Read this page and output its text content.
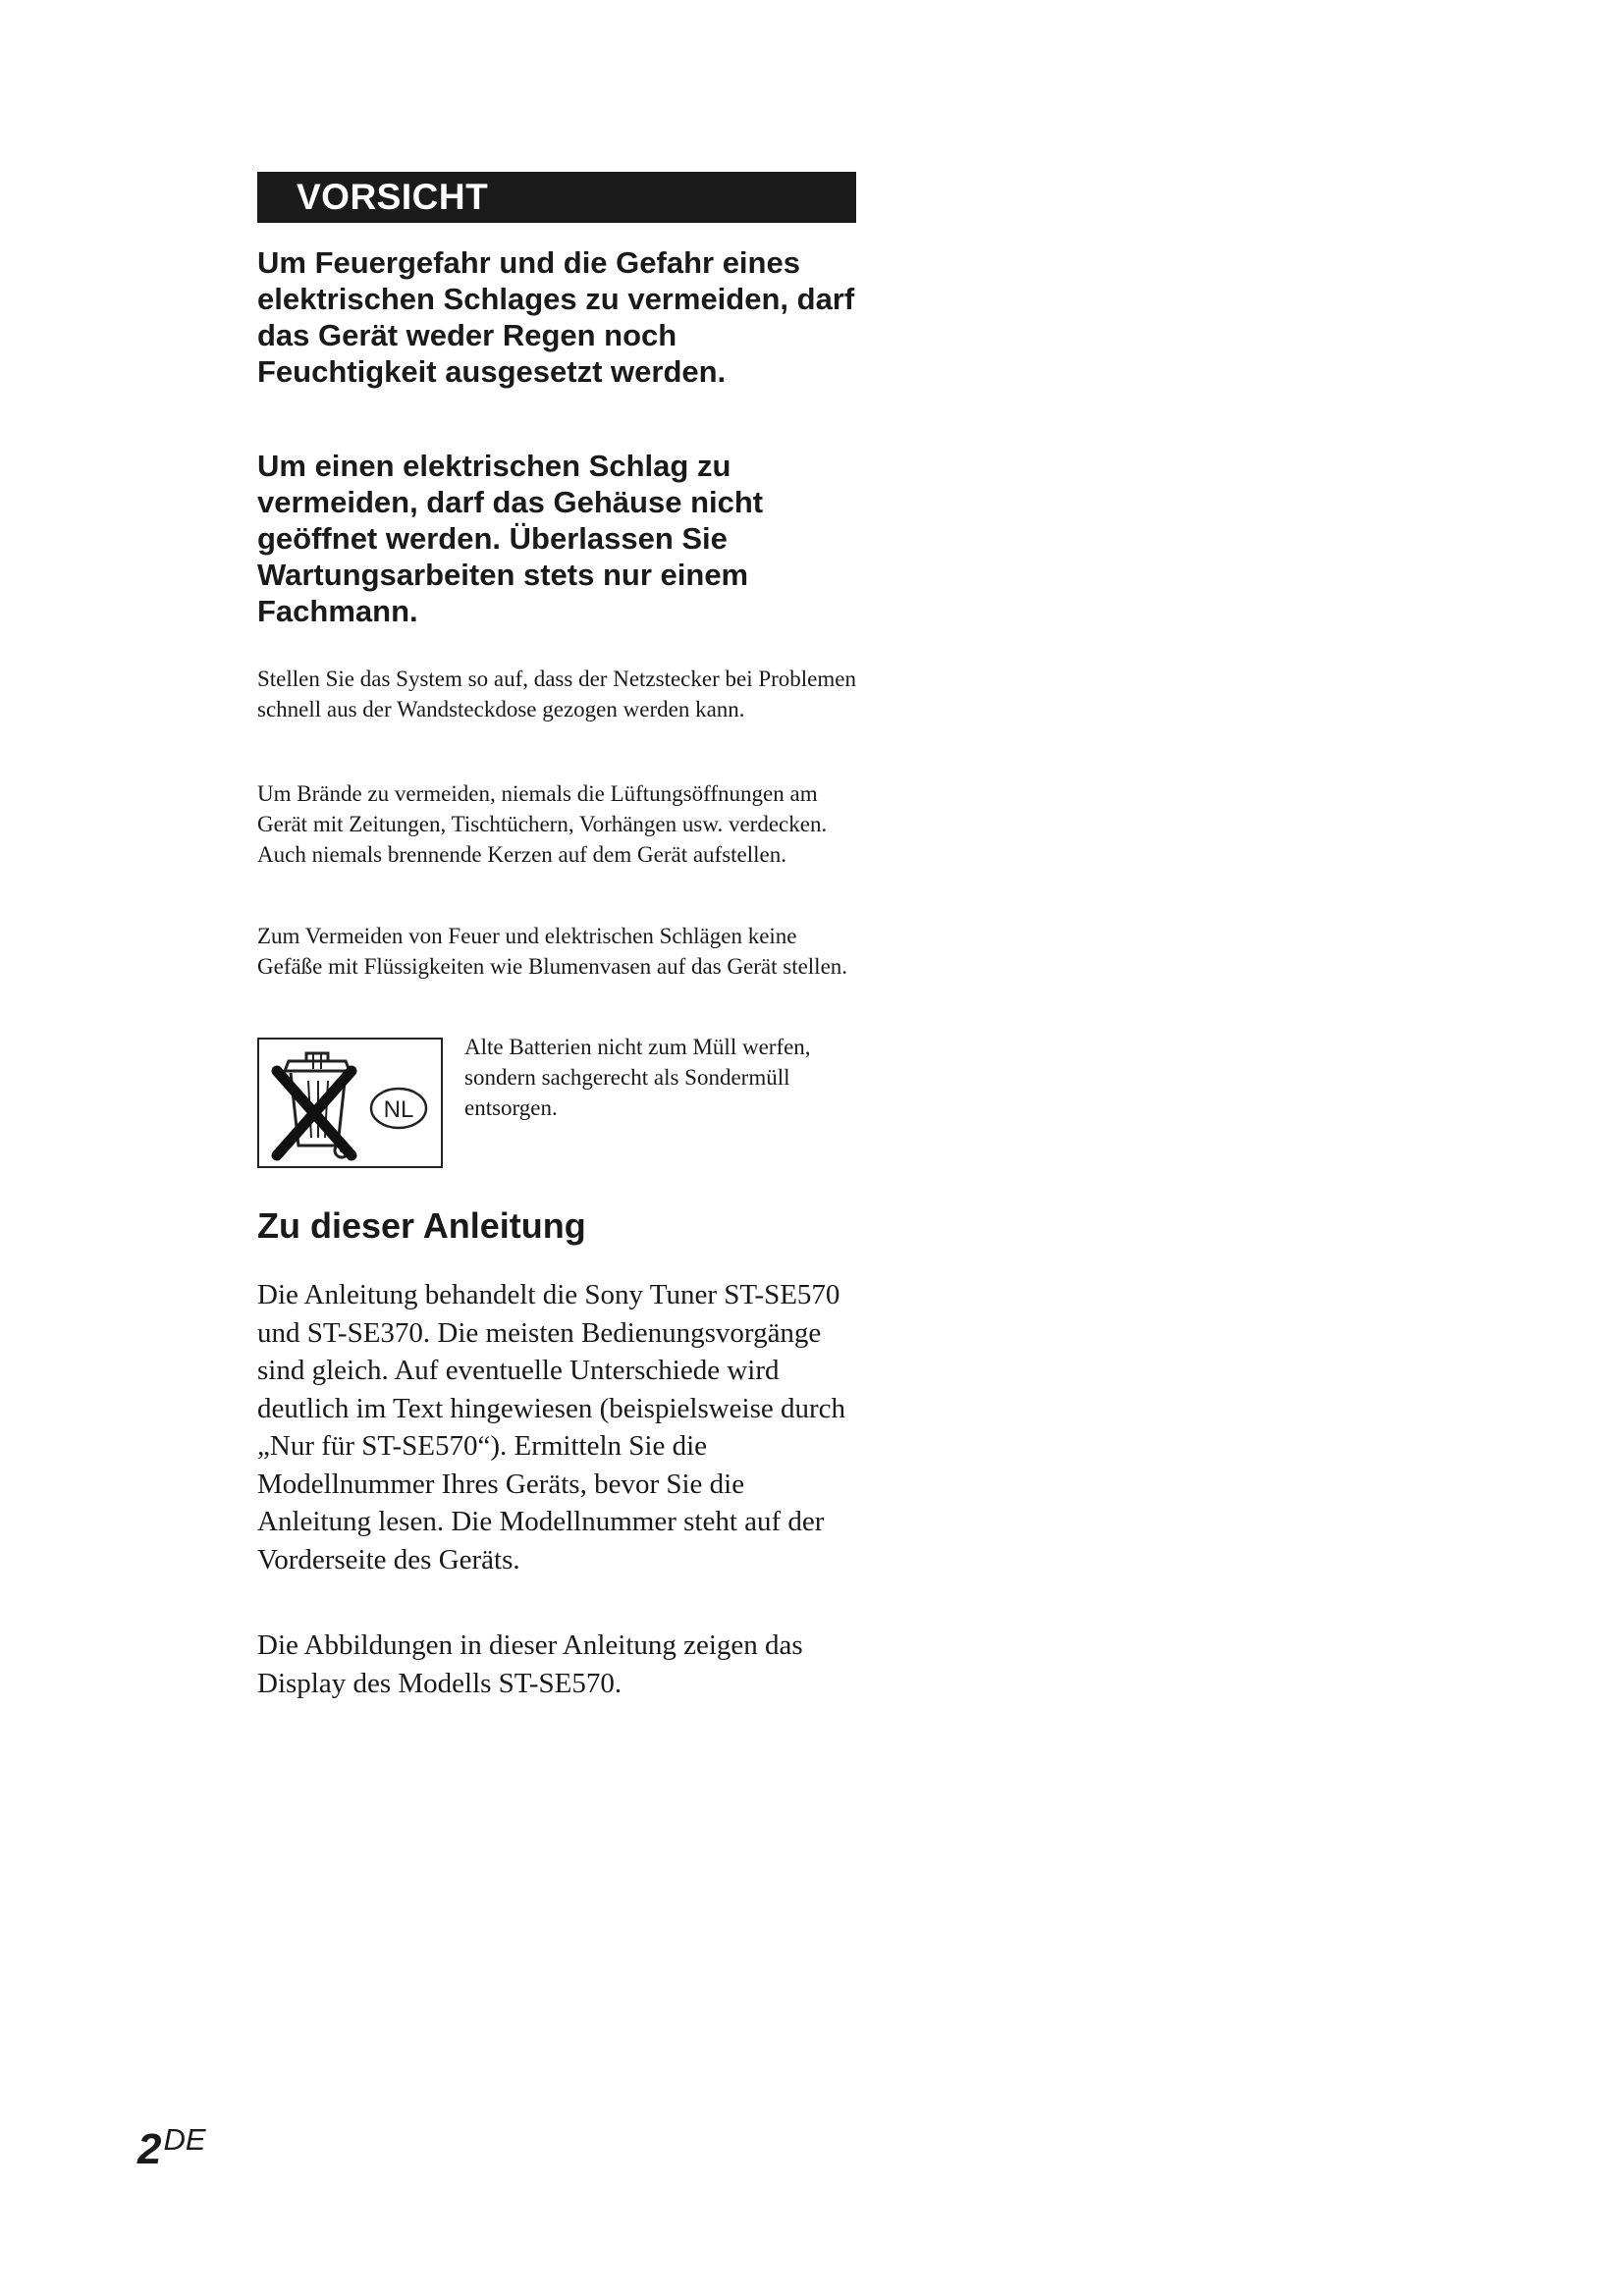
VORSICHT

Um Feuergefahr und die Gefahr eines elektrischen Schlages zu vermeiden, darf das Gerät weder Regen noch Feuchtigkeit ausgesetzt werden.

Um einen elektrischen Schlag zu vermeiden, darf das Gehäuse nicht geöffnet werden. Überlassen Sie Wartungsarbeiten stets nur einem Fachmann.

Stellen Sie das System so auf, dass der Netzstecker bei Problemen schnell aus der Wandsteckdose gezogen werden kann.

Um Brände zu vermeiden, niemals die Lüftungsöffnungen am Gerät mit Zeitungen, Tischtüchern, Vorhängen usw. verdecken. Auch niemals brennende Kerzen auf dem Gerät aufstellen.

Zum Vermeiden von Feuer und elektrischen Schlägen keine Gefäße mit Flüssigkeiten wie Blumenvasen auf das Gerät stellen.

NL

Alte Batterien nicht zum Müll werfen, sondern sachgerecht als Sondermüll entsorgen.

Zu dieser Anleitung

Die Anleitung behandelt die Sony Tuner ST-SE570 und ST-SE370. Die meisten Bedienungsvorgänge sind gleich. Auf eventuelle Unterschiede wird deutlich im Text hingewiesen (beispielsweise durch „Nur für ST-SE570“). Ermitteln Sie die Modellnummer Ihres Geräts, bevor Sie die Anleitung lesen. Die Modellnummer steht auf der Vorderseite des Geräts.

Die Abbildungen in dieser Anleitung zeigen das Display des Modells ST-SE570.

2DE
